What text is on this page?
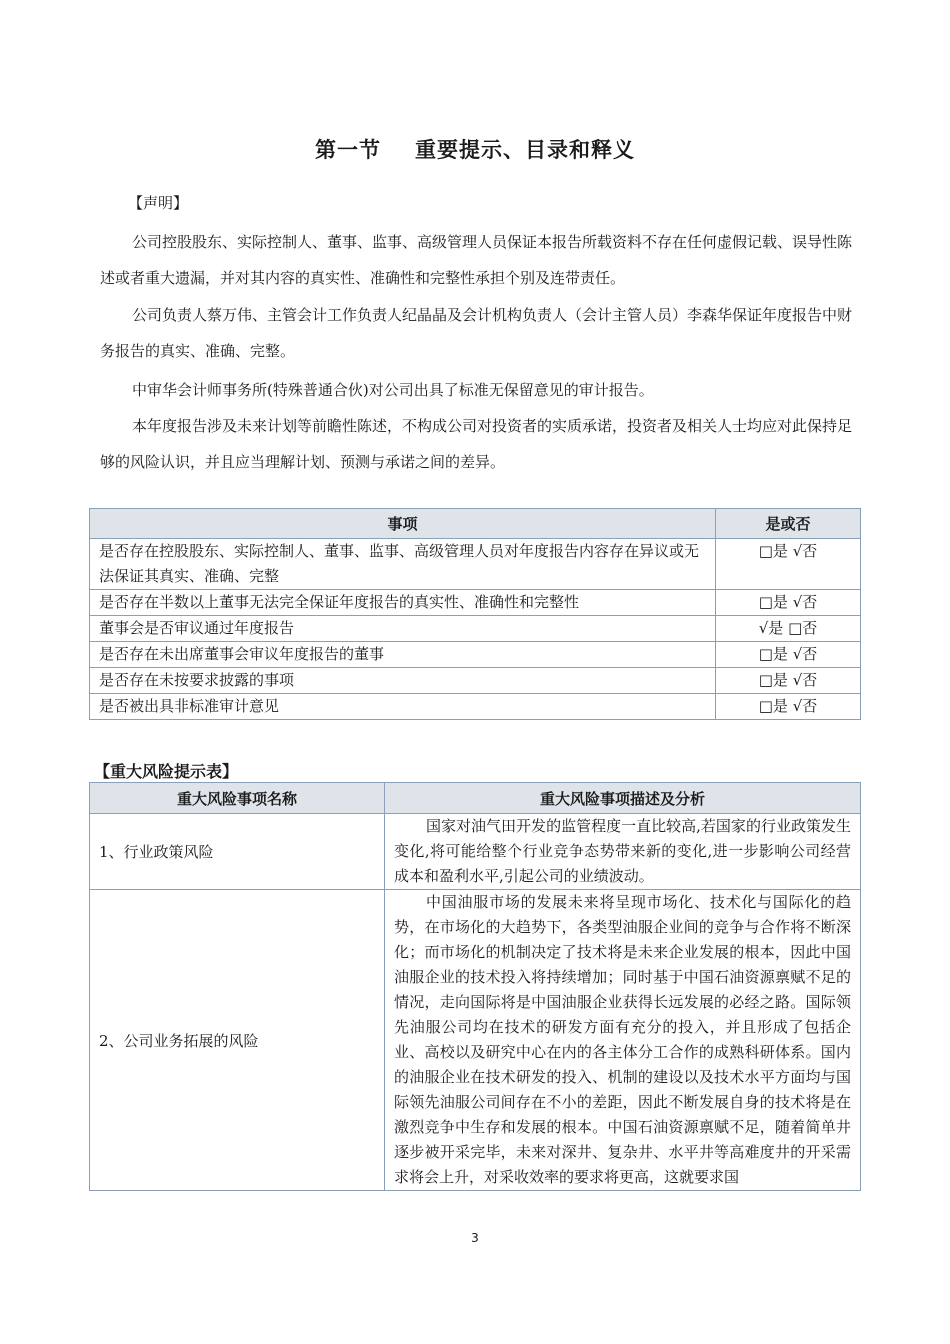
第一节 重要提示、目录和释义
【声明】

公司控股股东、实际控制人、董事、监事、高级管理人员保证本报告所载资料不存在任何虚假记载、误导性陈述或者重大遗漏，并对其内容的真实性、准确性和完整性承担个别及连带责任。

公司负责人蔡万伟、主管会计工作负责人纪晶晶及会计机构负责人（会计主管人员）李森华保证年度报告中财务报告的真实、准确、完整。

中审华会计师事务所(特殊普通合伙)对公司出具了标准无保留意见的审计报告。

本年度报告涉及未来计划等前瞻性陈述，不构成公司对投资者的实质承诺，投资者及相关人士均应对此保持足够的风险认识，并且应当理解计划、预测与承诺之间的差异。

事项	是或否
是否存在控股股东、实际控制人、董事、监事、高级管理人员对年度报告内容存在异议或无法保证其真实、准确、完整	□是 √否
是否存在半数以上董事无法完全保证年度报告的真实性、准确性和完整性	□是 √否
董事会是否审议通过年度报告	√是 □否
是否存在未出席董事会审议年度报告的董事	□是 √否
是否存在未按要求披露的事项	□是 √否
是否被出具非标准审计意见	□是 √否
【重大风险提示表】
重大风险事项名称	重大风险事项描述及分析
1、行业政策风险	国家对油气田开发的监管程度一直比较高,若国家的行业政策发生变化,将可能给整个行业竞争态势带来新的变化,进一步影响公司经营成本和盈利水平,引起公司的业绩波动。
2、公司业务拓展的风险	中国油服市场的发展未来将呈现市场化、技术化与国际化的趋势，在市场化的大趋势下，各类型油服企业间的竞争与合作将不断深化；而市场化的机制决定了技术将是未来企业发展的根本，因此中国油服企业的技术投入将持续增加；同时基于中国石油资源禀赋不足的情况，走向国际将是中国油服企业获得长远发展的必经之路。国际领先油服公司均在技术的研发方面有充分的投入，并且形成了包括企业、高校以及研究中心在内的各主体分工合作的成熟科研体系。国内的油服企业在技术研发的投入、机制的建设以及技术水平方面均与国际领先油服公司间存在不小的差距，因此不断发展自身的技术将是在激烈竞争中生存和发展的根本。中国石油资源禀赋不足，随着简单井逐步被开采完毕，未来对深井、复杂井、水平井等高难度井的开采需求将会上升，对采收效率的要求将更高，这就要求国
3
